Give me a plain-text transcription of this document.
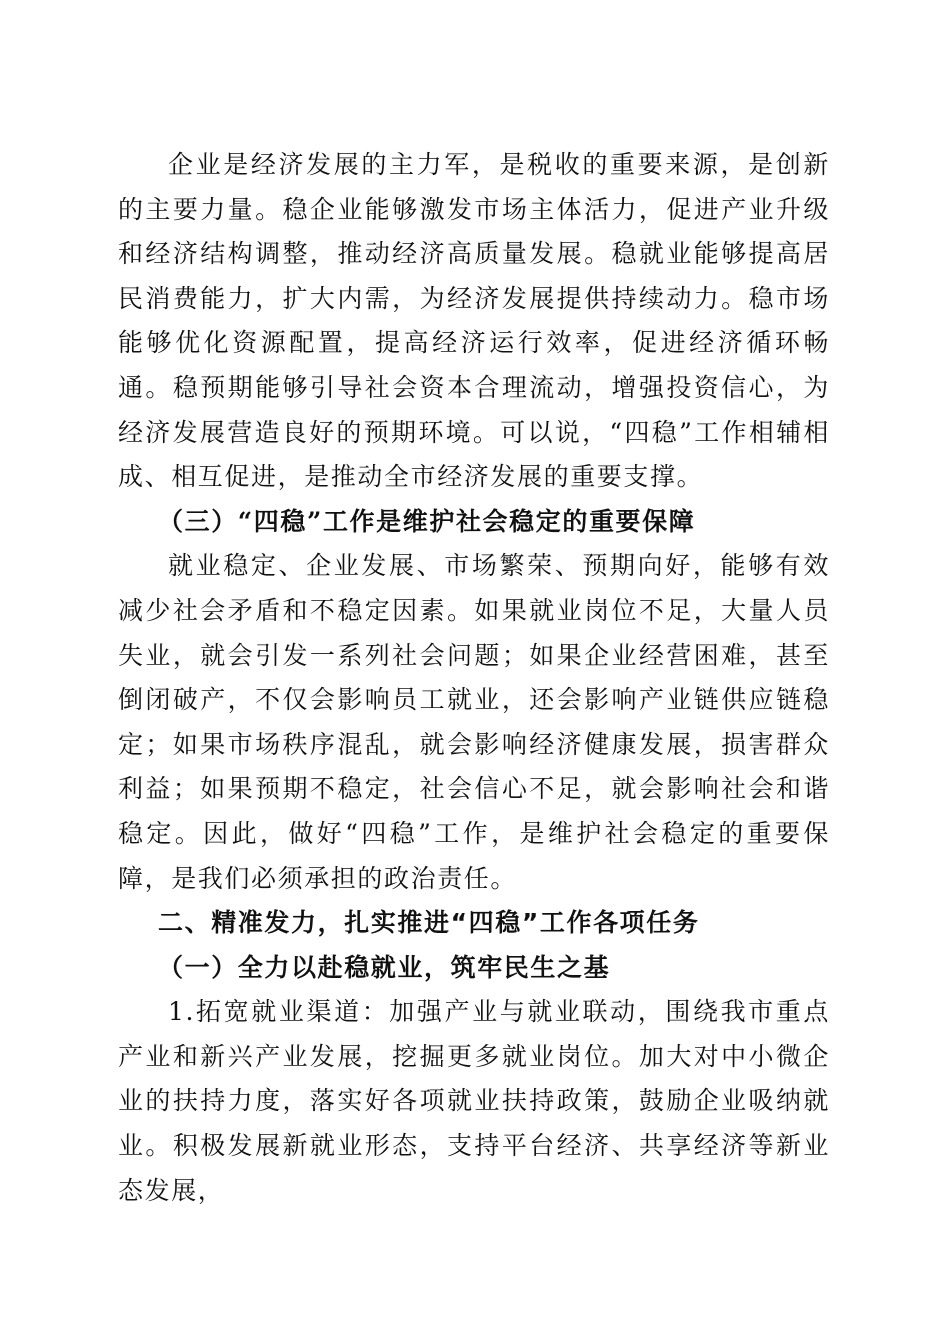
企业是经济发展的主力军，是税收的重要来源，是创新的主要力量。稳企业能够激发市场主体活力，促进产业升级和经济结构调整，推动经济高质量发展。稳就业能够提高居民消费能力，扩大内需，为经济发展提供持续动力。稳市场能够优化资源配置，提高经济运行效率，促进经济循环畅通。稳预期能够引导社会资本合理流动，增强投资信心，为经济发展营造良好的预期环境。可以说，“四稳”工作相辅相成、相互促进，是推动全市经济发展的重要支撑。

（三）“四稳”工作是维护社会稳定的重要保障

就业稳定、企业发展、市场繁荣、预期向好，能够有效减少社会矛盾和不稳定因素。如果就业岗位不足，大量人员失业，就会引发一系列社会问题；如果企业经营困难，甚至倒闭破产，不仅会影响员工就业，还会影响产业链供应链稳定；如果市场秩序混乱，就会影响经济健康发展，损害群众利益；如果预期不稳定，社会信心不足，就会影响社会和谐稳定。因此，做好“四稳”工作，是维护社会稳定的重要保障，是我们必须承担的政治责任。

二、精准发力，扎实推进“四稳”工作各项任务

（一）全力以赴稳就业，筑牢民生之基

1.拓宽就业渠道：加强产业与就业联动，围绕我市重点产业和新兴产业发展，挖掘更多就业岗位。加大对中小微企业的扶持力度，落实好各项就业扶持政策，鼓励企业吸纳就业。积极发展新就业形态，支持平台经济、共享经济等新业态发展，
